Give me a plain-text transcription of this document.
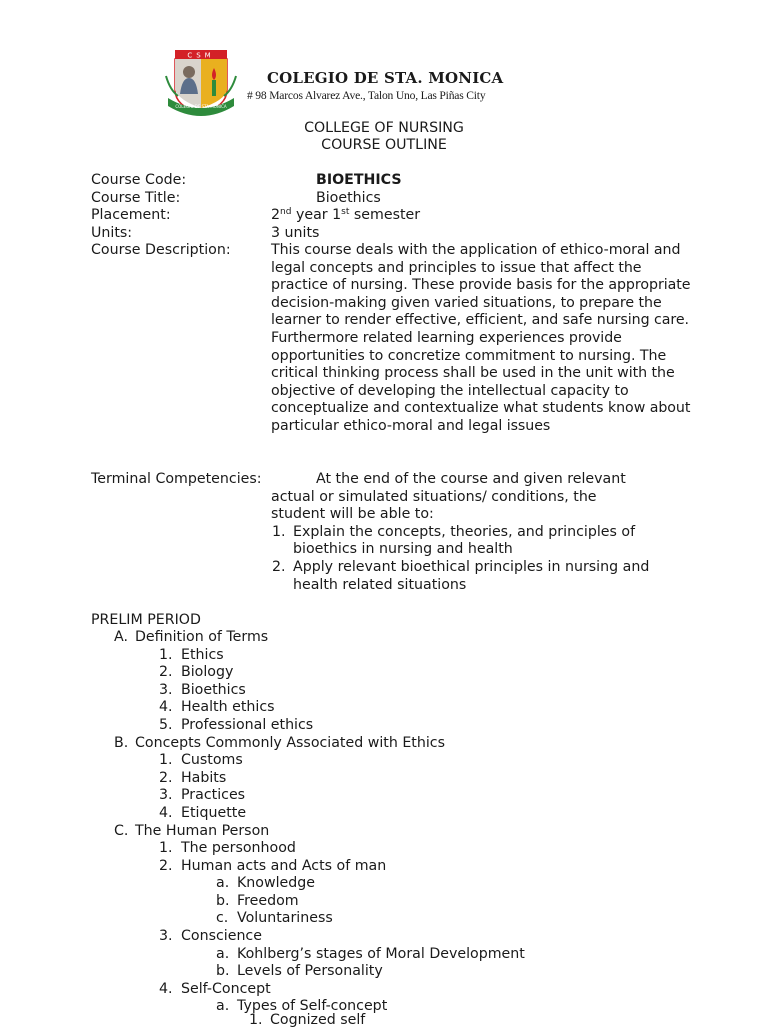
CSM
COLEGIO DE STA MONICA
COLEGIO DE STA. MONICA
# 98 Marcos Alvarez Ave., Talon Uno, Las Piñas City
COLLEGE OF NURSING
COURSE OUTLINE
Course Code:	BIOETHICS
Course Title:	Bioethics
Placement:	2nd year 1st semester
Units:	3 units
Course Description:	This course deals with the application of ethico-moral and legal concepts and principles to issue that affect the practice of nursing. These provide basis for the appropriate decision-making given varied situations, to prepare the learner to render effective, efficient, and safe nursing care. Furthermore related learning experiences provide opportunities to concretize commitment to nursing. The critical thinking process shall be used in the unit with the objective of developing the intellectual capacity to conceptualize and contextualize what students know about particular ethico-moral and legal issues
Terminal Competencies:	At the end of the course and given relevant
actual or simulated situations/ conditions, the
student will be able to:
1. Explain the concepts, theories, and principles of
bioethics in nursing and health
2. Apply relevant bioethical principles in nursing and
health related situations
PRELIM PERIOD
A. Definition of Terms
1. Ethics
2. Biology
3. Bioethics
4. Health ethics
5. Professional ethics
B. Concepts Commonly Associated with Ethics
1. Customs
2. Habits
3. Practices
4. Etiquette
C. The Human Person
1. The personhood
2. Human acts and Acts of man
a. Knowledge
b. Freedom
c. Voluntariness
3. Conscience
a. Kohlberg’s stages of Moral Development
b. Levels of Personality
4. Self-Concept
a. Types of Self-concept
1. Cognized self
